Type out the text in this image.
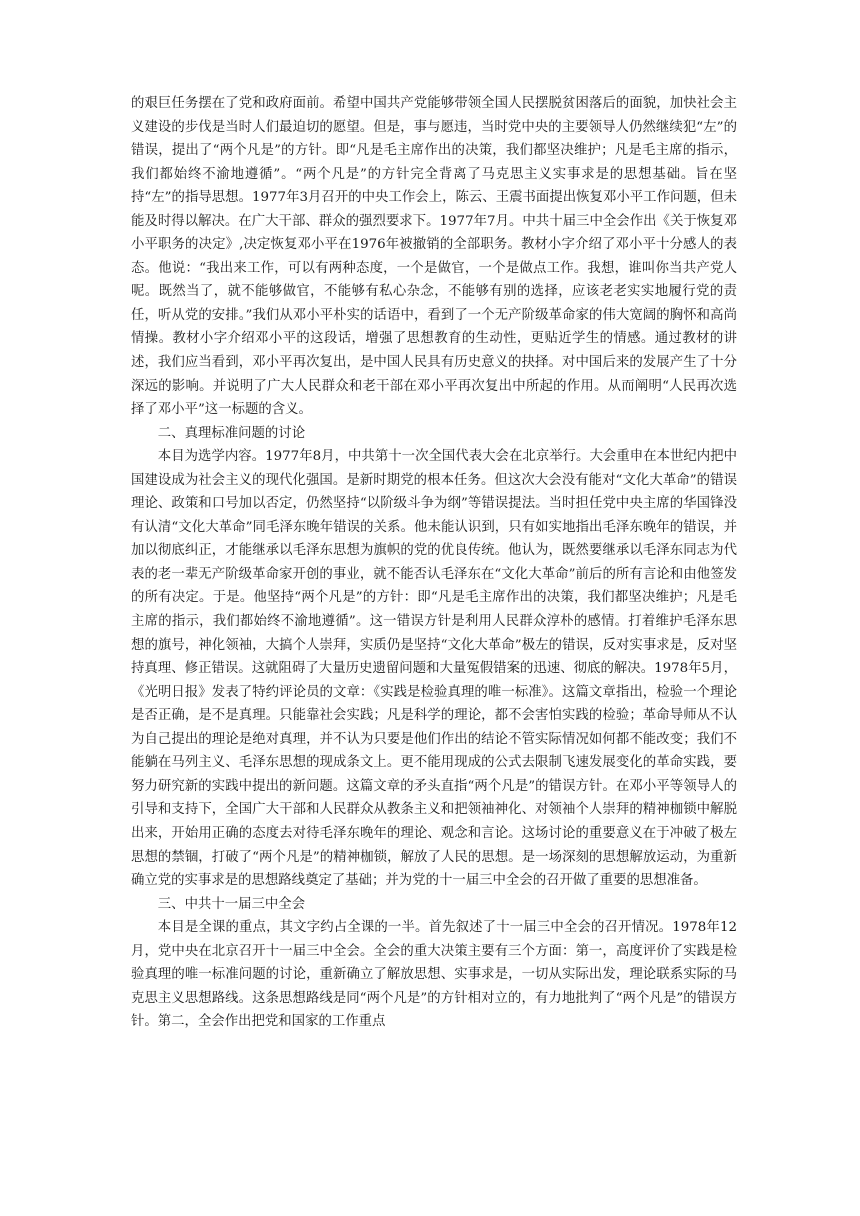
的艰巨任务摆在了党和政府面前。希望中国共产党能够带领全国人民摆脱贫困落后的面貌，加快社会主义建设的步伐是当时人们最迫切的愿望。但是，事与愿违，当时党中央的主要领导人仍然继续犯“左”的错误，提出了“两个凡是”的方针。即“凡是毛主席作出的决策，我们都坚决维护；凡是毛主席的指示，我们都始终不渝地遵循”。“两个凡是”的方针完全背离了马克思主义实事求是的思想基础。旨在坚持“左”的指导思想。1977年3月召开的中央工作会上，陈云、王震书面提出恢复邓小平工作问题，但未能及时得以解决。在广大干部、群众的强烈要求下。1977年7月。中共十届三中全会作出《关于恢复邓小平职务的决定》,决定恢复邓小平在1976年被撤销的全部职务。教材小字介绍了邓小平十分感人的表态。他说：“我出来工作，可以有两种态度，一个是做官，一个是做点工作。我想，谁叫你当共产党人呢。既然当了，就不能够做官，不能够有私心杂念，不能够有别的选择，应该老老实实地履行党的责任，听从党的安排。”我们从邓小平朴实的话语中，看到了一个无产阶级革命家的伟大宽阔的胸怀和高尚情操。教材小字介绍邓小平的这段话，增强了思想教育的生动性，更贴近学生的情感。通过教材的讲述，我们应当看到，邓小平再次复出，是中国人民具有历史意义的抉择。对中国后来的发展产生了十分深远的影响。并说明了广大人民群众和老干部在邓小平再次复出中所起的作用。从而阐明“人民再次选择了邓小平”这一标题的含义。

二、真理标准问题的讨论

本目为选学内容。1977年8月，中共第十一次全国代表大会在北京举行。大会重申在本世纪内把中国建设成为社会主义的现代化强国。是新时期党的根本任务。但这次大会没有能对“文化大革命”的错误理论、政策和口号加以否定，仍然坚持“以阶级斗争为纲”等错误提法。当时担任党中央主席的华国锋没有认清“文化大革命”同毛泽东晚年错误的关系。他未能认识到，只有如实地指出毛泽东晚年的错误，并加以彻底纠正，才能继承以毛泽东思想为旗帜的党的优良传统。他认为，既然要继承以毛泽东同志为代表的老一辈无产阶级革命家开创的事业，就不能否认毛泽东在“文化大革命”前后的所有言论和由他签发的所有决定。于是。他坚持“两个凡是”的方针：即“凡是毛主席作出的决策，我们都坚决维护；凡是毛主席的指示，我们都始终不渝地遵循”。这一错误方针是利用人民群众淳朴的感情。打着维护毛泽东思想的旗号，神化领袖，大搞个人崇拜，实质仍是坚持“文化大革命”极左的错误，反对实事求是，反对坚持真理、修正错误。这就阻碍了大量历史遗留问题和大量冤假错案的迅速、彻底的解决。1978年5月，《光明日报》发表了特约评论员的文章：《实践是检验真理的唯一标准》。这篇文章指出，检验一个理论是否正确，是不是真理。只能靠社会实践；凡是科学的理论，都不会害怕实践的检验；革命导师从不认为自己提出的理论是绝对真理，并不认为只要是他们作出的结论不管实际情况如何都不能改变；我们不能躺在马列主义、毛泽东思想的现成条文上。更不能用现成的公式去限制飞速发展变化的革命实践，要努力研究新的实践中提出的新问题。这篇文章的矛头直指“两个凡是”的错误方针。在邓小平等领导人的引导和支持下，全国广大干部和人民群众从教条主义和把领袖神化、对领袖个人崇拜的精神枷锁中解脱出来，开始用正确的态度去对待毛泽东晚年的理论、观念和言论。这场讨论的重要意义在于冲破了极左思想的禁锢，打破了“两个凡是”的精神枷锁，解放了人民的思想。是一场深刻的思想解放运动，为重新确立党的实事求是的思想路线奠定了基础；并为党的十一届三中全会的召开做了重要的思想准备。

三、中共十一届三中全会

本目是全课的重点，其文字约占全课的一半。首先叙述了十一届三中全会的召开情况。1978年12月，党中央在北京召开十一届三中全会。全会的重大决策主要有三个方面：第一，高度评价了实践是检验真理的唯一标准问题的讨论，重新确立了解放思想、实事求是，一切从实际出发，理论联系实际的马克思主义思想路线。这条思想路线是同“两个凡是”的方针相对立的，有力地批判了“两个凡是”的错误方针。第二，全会作出把党和国家的工作重点
